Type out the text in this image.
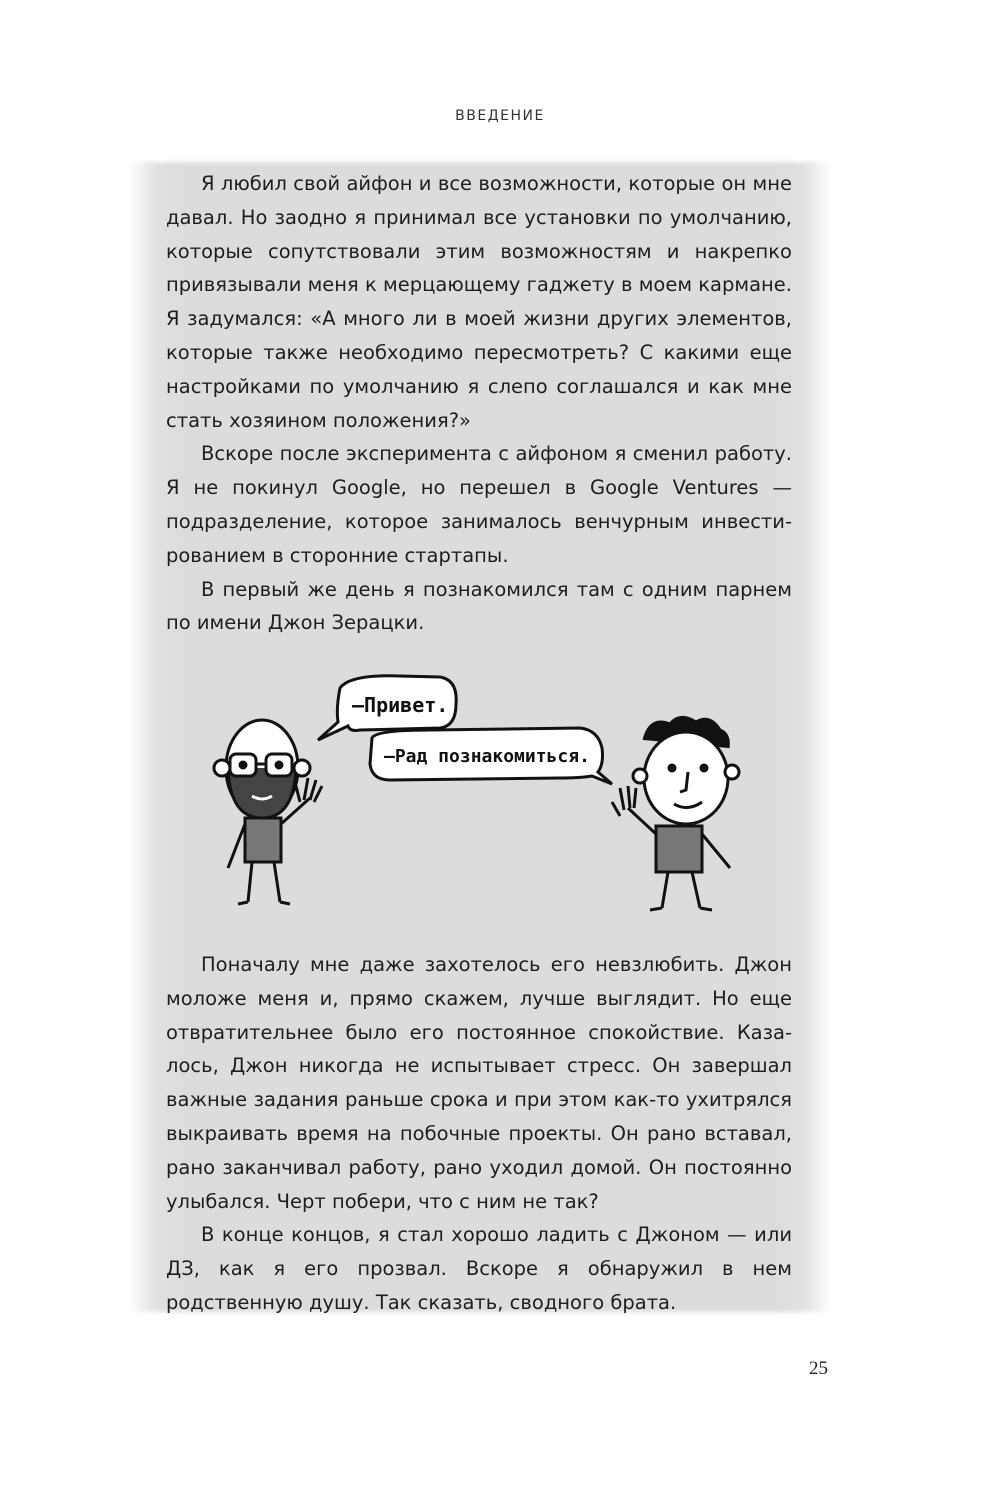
ВВЕДЕНИЕ

Я любил свой айфон и все возможности, которые он мне давал. Но заодно я принимал все установки по умолчанию, которые сопутствовали этим возможностям и накрепко привязывали меня к мерцающему гаджету в моем кармане. Я задумался: «А много ли в моей жизни других элементов, которые также необходимо пересмотреть? С какими еще настройками по умолчанию я слепо соглашался и как мне стать хозяином положения?»

Вскоре после эксперимента с айфоном я сменил работу. Я не покинул Google, но перешел в Google Ventures — подразделение, которое занималось венчурным инвести-рованием в сторонние стартапы.

В первый же день я познакомился там с одним парнем по имени Джон Зерацки.

–Привет.
–Рад познакомиться.

Поначалу мне даже захотелось его невзлюбить. Джон моложе меня и, прямо скажем, лучше выглядит. Но еще отвратительнее было его постоянное спокойствие. Каза-лось, Джон никогда не испытывает стресс. Он завершал важные задания раньше срока и при этом как-то ухитрялся выкраивать время на побочные проекты. Он рано вставал, рано заканчивал работу, рано уходил домой. Он постоянно улыбался. Черт побери, что с ним не так?

В конце концов, я стал хорошо ладить с Джоном — или ДЗ, как я его прозвал. Вскоре я обнаружил в нем родственную душу. Так сказать, сводного брата.

25
